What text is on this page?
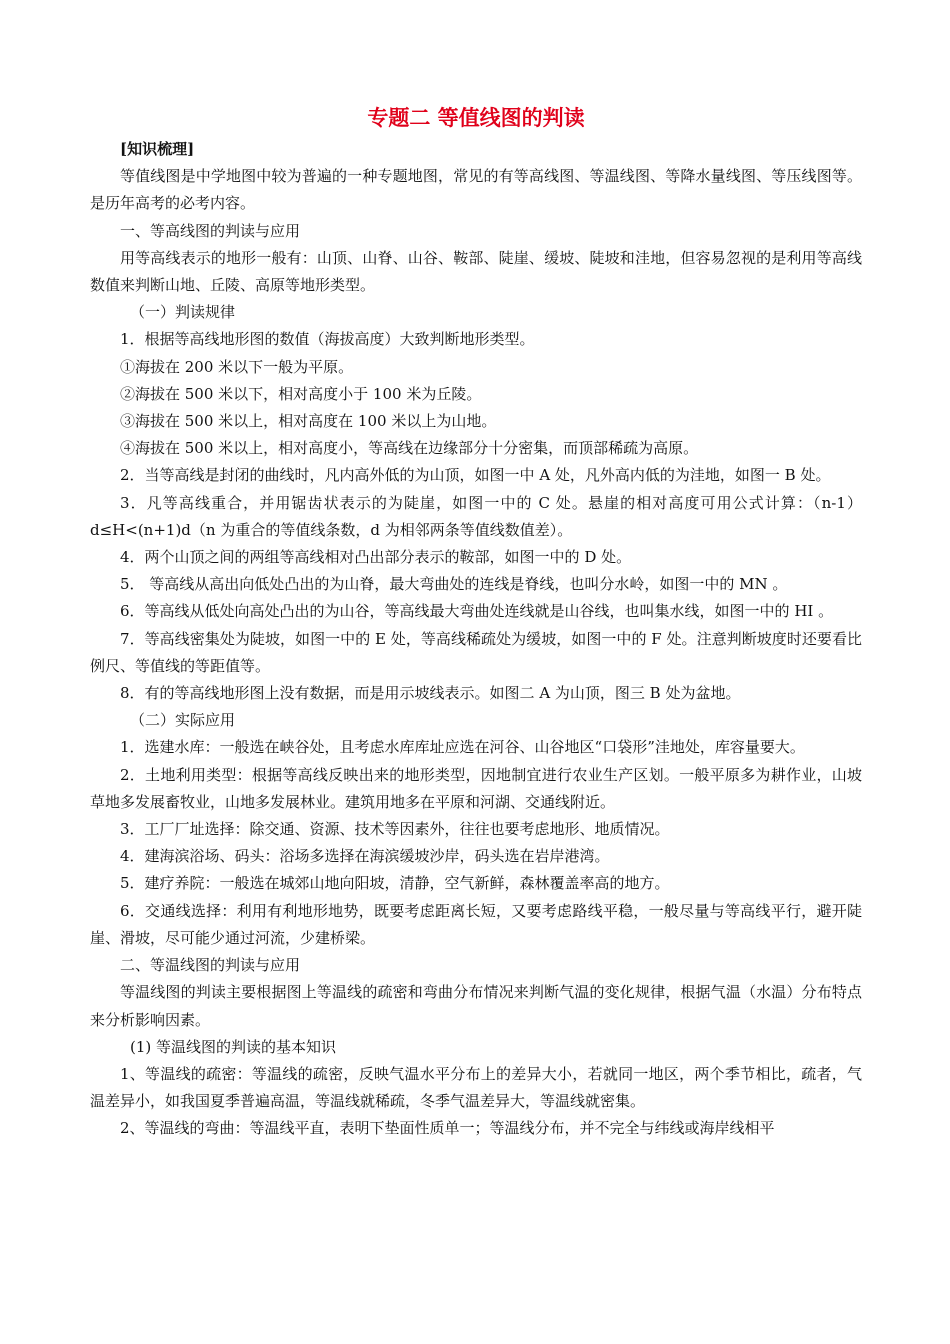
专题二 等值线图的判读

[知识梳理]

等值线图是中学地图中较为普遍的一种专题地图，常见的有等高线图、等温线图、等降水量线图、等压线图等。是历年高考的必考内容。

一、等高线图的判读与应用

用等高线表示的地形一般有：山顶、山脊、山谷、鞍部、陡崖、缓坡、陡坡和洼地，但容易忽视的是利用等高线数值来判断山地、丘陵、高原等地形类型。

（一）判读规律

1．根据等高线地形图的数值（海拔高度）大致判断地形类型。

①海拔在 200 米以下一般为平原。

②海拔在 500 米以下，相对高度小于 100 米为丘陵。

③海拔在 500 米以上，相对高度在 100 米以上为山地。

④海拔在 500 米以上，相对高度小，等高线在边缘部分十分密集，而顶部稀疏为高原。

2．当等高线是封闭的曲线时，凡内高外低的为山顶，如图一中 A 处，凡外高内低的为洼地，如图一 B 处。

3．凡等高线重合，并用锯齿状表示的为陡崖，如图一中的 C 处。悬崖的相对高度可用公式计算：（n-1）d≤H<(n+1)d（n 为重合的等值线条数，d 为相邻两条等值线数值差）。

4．两个山顶之间的两组等高线相对凸出部分表示的鞍部，如图一中的 D 处。

5． 等高线从高出向低处凸出的为山脊，最大弯曲处的连线是脊线，也叫分水岭，如图一中的 MN 。

6．等高线从低处向高处凸出的为山谷，等高线最大弯曲处连线就是山谷线，也叫集水线，如图一中的 HI 。

7．等高线密集处为陡坡，如图一中的 E 处，等高线稀疏处为缓坡，如图一中的 F 处。注意判断坡度时还要看比例尺、等值线的等距值等。

8．有的等高线地形图上没有数据，而是用示坡线表示。如图二 A 为山顶，图三 B 处为盆地。

（二）实际应用

1．选建水库：一般选在峡谷处，且考虑水库库址应选在河谷、山谷地区“口袋形”洼地处，库容量要大。

2．土地利用类型：根据等高线反映出来的地形类型，因地制宜进行农业生产区划。一般平原多为耕作业，山坡草地多发展畜牧业，山地多发展林业。建筑用地多在平原和河湖、交通线附近。

3．工厂厂址选择：除交通、资源、技术等因素外，往往也要考虑地形、地质情况。

4．建海滨浴场、码头：浴场多选择在海滨缓坡沙岸，码头选在岩岸港湾。

5．建疗养院：一般选在城郊山地向阳坡，清静，空气新鲜，森林覆盖率高的地方。

6．交通线选择：利用有利地形地势，既要考虑距离长短，又要考虑路线平稳，一般尽量与等高线平行，避开陡崖、滑坡，尽可能少通过河流，少建桥梁。

二、等温线图的判读与应用

等温线图的判读主要根据图上等温线的疏密和弯曲分布情况来判断气温的变化规律，根据气温（水温）分布特点来分析影响因素。

(1) 等温线图的判读的基本知识

1、等温线的疏密：等温线的疏密，反映气温水平分布上的差异大小，若就同一地区，两个季节相比，疏者，气温差异小，如我国夏季普遍高温，等温线就稀疏，冬季气温差异大，等温线就密集。

2、等温线的弯曲：等温线平直，表明下垫面性质单一；等温线分布，并不完全与纬线或海岸线相平
